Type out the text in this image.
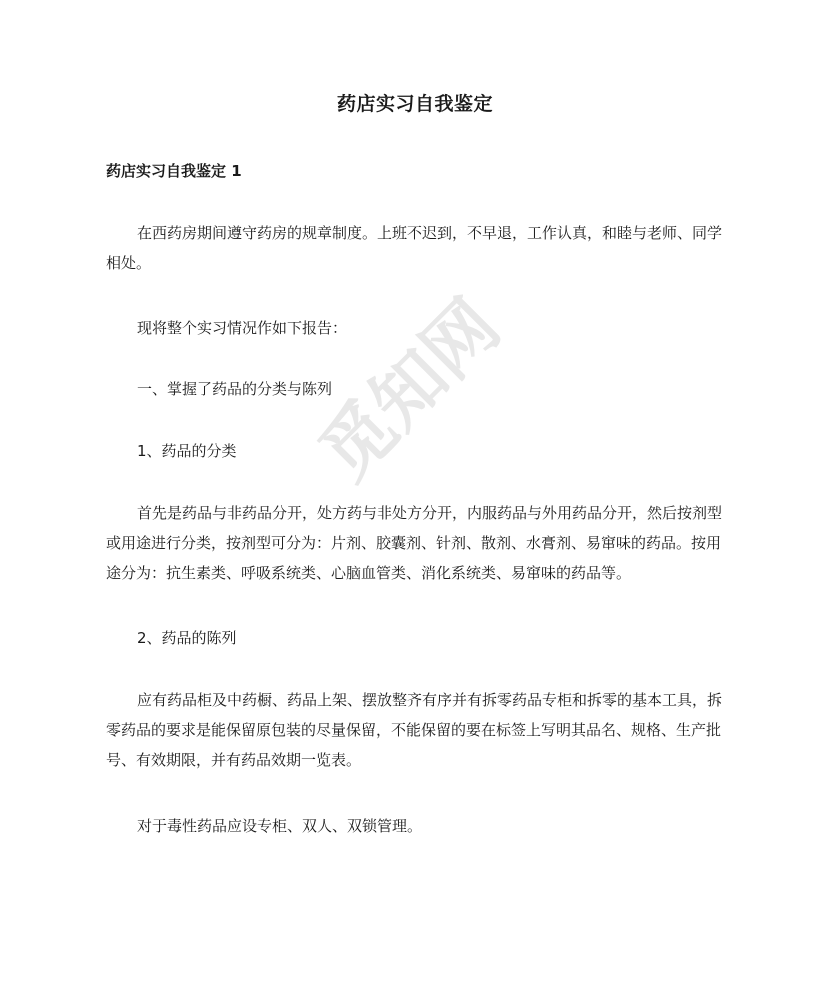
觅知网
药店实习自我鉴定
药店实习自我鉴定 1

在西药房期间遵守药房的规章制度。上班不迟到，不早退，工作认真，和睦与老师、同学相处。

现将整个实习情况作如下报告：

一、掌握了药品的分类与陈列

1、药品的分类

首先是药品与非药品分开，处方药与非处方分开，内服药品与外用药品分开，然后按剂型或用途进行分类，按剂型可分为：片剂、胶囊剂、针剂、散剂、水膏剂、易窜味的药品。按用途分为：抗生素类、呼吸系统类、心脑血管类、消化系统类、易窜味的药品等。

2、药品的陈列

应有药品柜及中药橱、药品上架、摆放整齐有序并有拆零药品专柜和拆零的基本工具，拆零药品的要求是能保留原包装的尽量保留，不能保留的要在标签上写明其品名、规格、生产批号、有效期限，并有药品效期一览表。

对于毒性药品应设专柜、双人、双锁管理。
